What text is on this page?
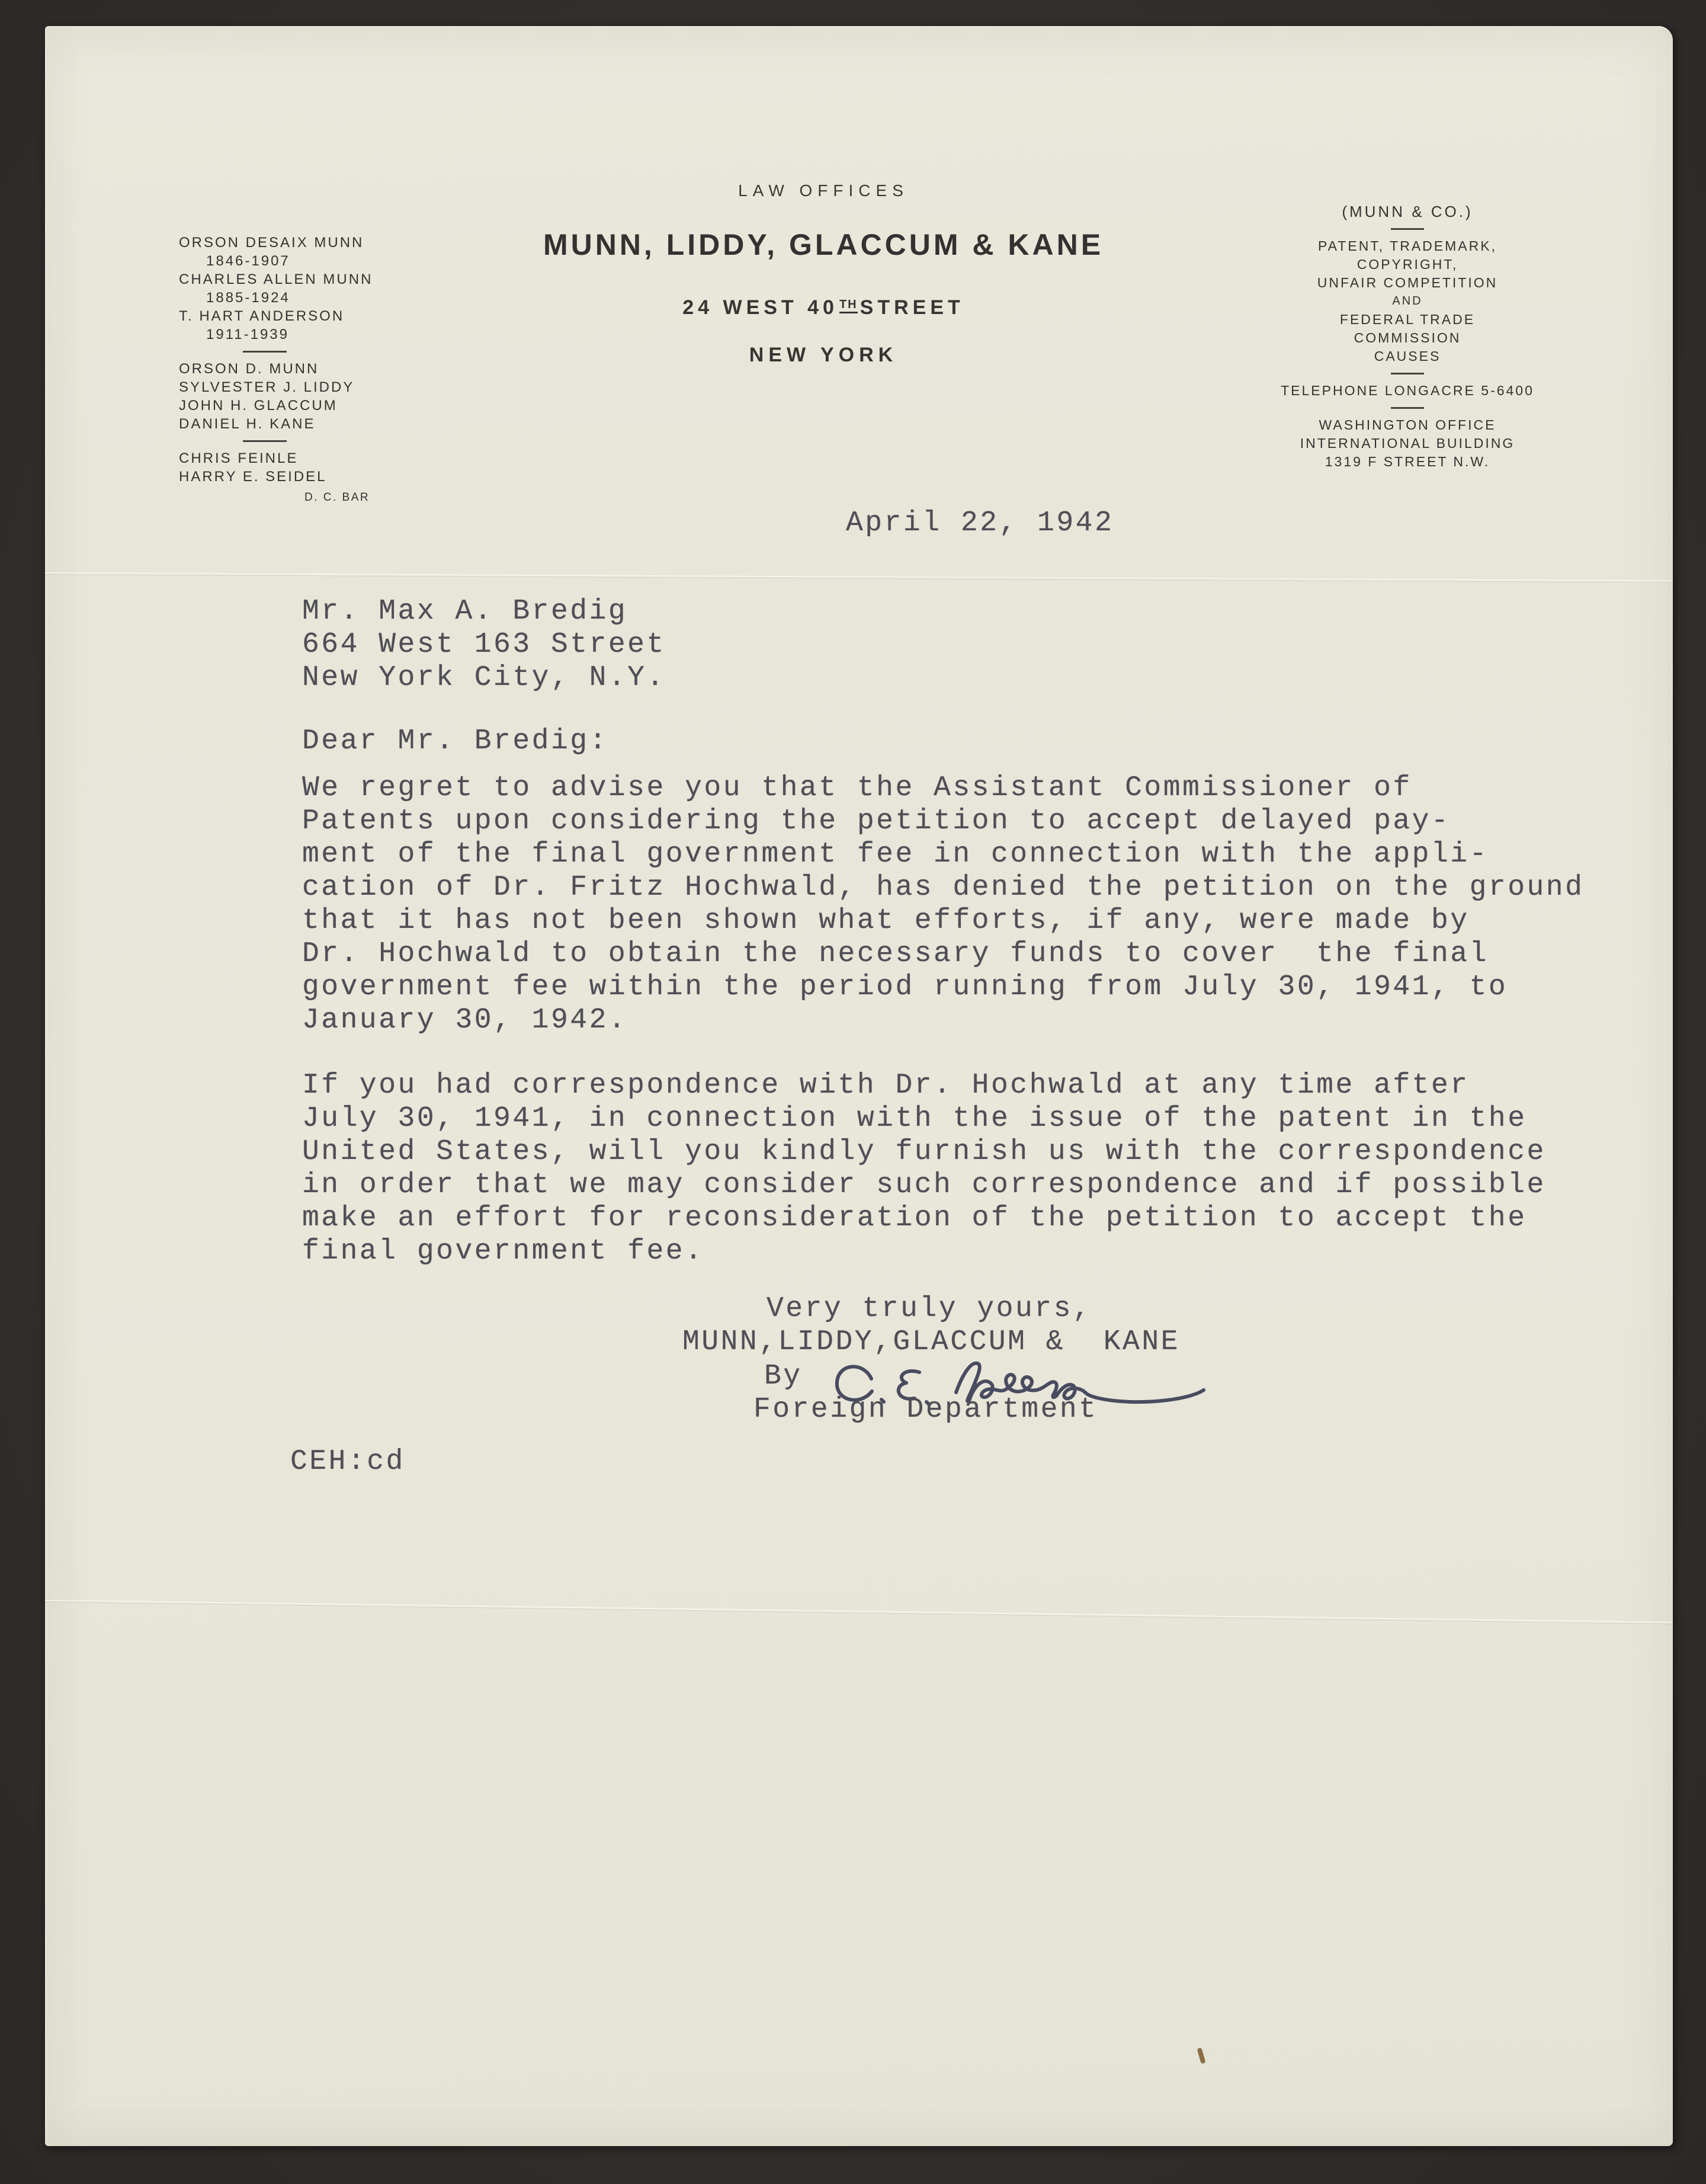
ORSON DESAIX MUNN
1846-1907
CHARLES ALLEN MUNN
1885-1924
T. HART ANDERSON
1911-1939
ORSON D. MUNN
SYLVESTER J. LIDDY
JOHN H. GLACCUM
DANIEL H. KANE
CHRIS FEINLE
HARRY E. SEIDEL
D. C. BAR
LAW OFFICES
MUNN, LIDDY, GLACCUM & KANE
24 WEST 40 TH STREET
NEW YORK
(MUNN & CO.)
PATENT, TRADEMARK,
COPYRIGHT,
UNFAIR COMPETITION
AND
FEDERAL TRADE
COMMISSION
CAUSES
TELEPHONE LONGACRE 5-6400
WASHINGTON OFFICE
INTERNATIONAL BUILDING
1319 F STREET N.W.
April 22, 1942
Mr. Max A. Bredig
664 West 163 Street
New York City, N.Y.
Dear Mr. Bredig:
We regret to advise you that the Assistant Commissioner of
Patents upon considering the petition to accept delayed pay-
ment of the final government fee in connection with the appli-
cation of Dr. Fritz Hochwald, has denied the petition on the ground
that it has not been shown what efforts, if any, were made by
Dr. Hochwald to obtain the necessary funds to cover  the final
government fee within the period running from July 30, 1941, to
January 30, 1942.
If you had correspondence with Dr. Hochwald at any time after
July 30, 1941, in connection with the issue of the patent in the
United States, will you kindly furnish us with the correspondence
in order that we may consider such correspondence and if possible
make an effort for reconsideration of the petition to accept the
final government fee.
Very truly yours,
MUNN,LIDDY,GLACCUM &  KANE
By
Foreign Department
CEH:cd
